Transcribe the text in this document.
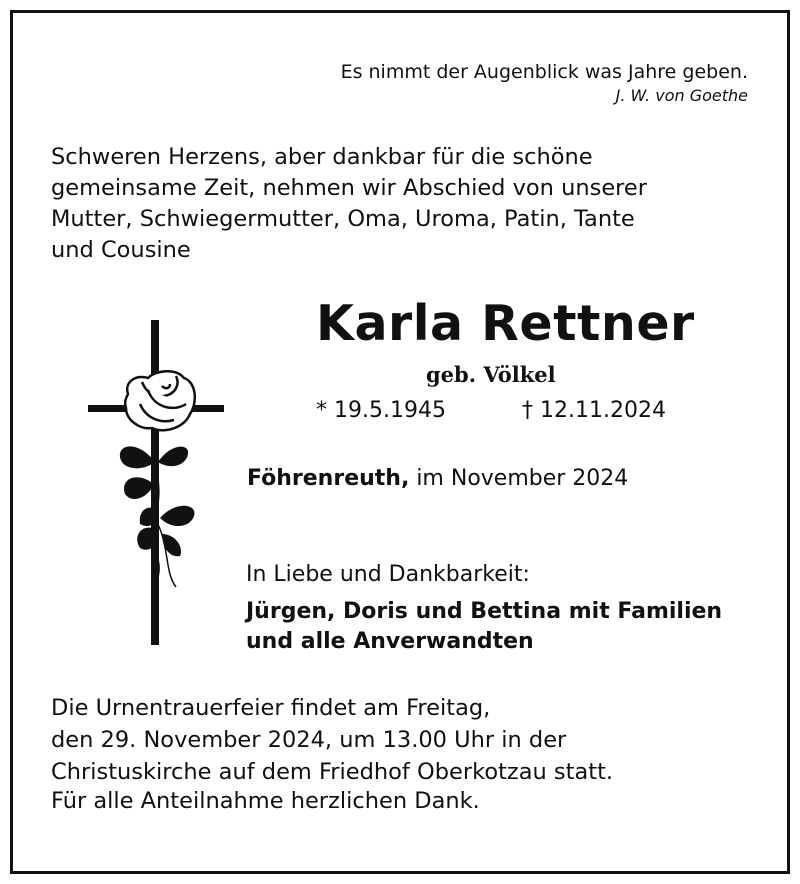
Es nimmt der Augenblick was Jahre geben.
J. W. von Goethe
Schweren Herzens, aber dankbar für die schöne
gemeinsame Zeit, nehmen wir Abschied von unserer
Mutter, Schwiegermutter, Oma, Uroma, Patin, Tante
und Cousine
Karla Rettner
geb. Völkel
* 19.5.1945	† 12.11.2024
Föhrenreuth, im November 2024
In Liebe und Dankbarkeit:
Jürgen, Doris und Bettina mit Familien
und alle Anverwandten
Die Urnentrauerfeier findet am Freitag,
den 29. November 2024, um 13.00 Uhr in der
Christuskirche auf dem Friedhof Oberkotzau statt.
Für alle Anteilnahme herzlichen Dank.
